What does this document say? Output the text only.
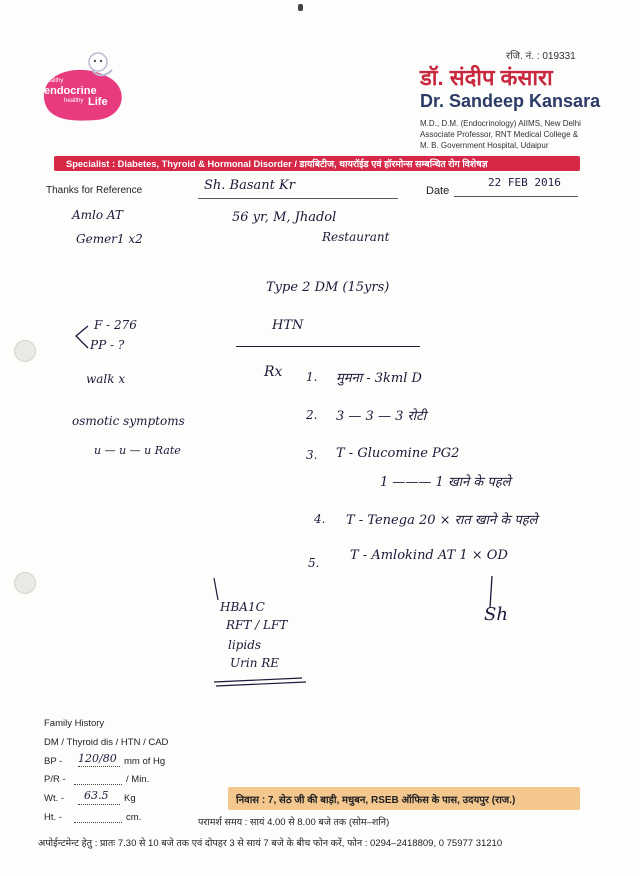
healthy
endocrine
healthy Life
रजि. नं. : 019331
डॉ. संदीप कंसारा
Dr. Sandeep Kansara
M.D., D.M. (Endocrinology) AIIMS, New Delhi
Associate Professor, RNT Medical College &
M. B. Government Hospital, Udaipur
Specialist : Diabetes, Thyroid & Hormonal Disorder / डायबिटीज, थायरॉईड एवं हॉरमोन्स सम्बन्धित रोग विशेषज्ञ
Thanks for Reference	Date
22 FEB 2016
Sh. Basant Kr
56 yr, M, Jhadol
Restaurant
Amlo AT
Gemer1 x2
Type 2 DM (15yrs)
HTN
F - 276
PP - ?
walk x
osmotic symptoms
u — u — u Rate
Rx 1. मुमना - 3kml D
2. 3 — 3 — 3 रोटी
3. T - Glucomine PG2
1 ——— 1 खाने के पहले
4. T - Tenega 20 × रात खाने के पहले
5. T - Amlokind AT 1 × OD
HBA1C
RFT / LFT
lipids
Urin RE
Sh
Family History
DM / Thyroid dis / HTN / CAD
BP - 120/80 mm of Hg
P/R -	/ Min.
Wt. - 63.5 Kg
Ht. -	cm.
निवास : 7, सेठ जी की बाड़ी, मधुबन, RSEB ऑफिस के पास, उदयपुर (राज.)
परामर्श समय : सायं 4.00 से 8.00 बजे तक (सोम–शनि)
अपोईन्टमेन्ट हेतु : प्रातः 7.30 से 10 बजे तक एवं दोपहर 3 से सायं 7 बजे के बीच फोन करें, फोन : 0294–2418809, 0 75977 31210
